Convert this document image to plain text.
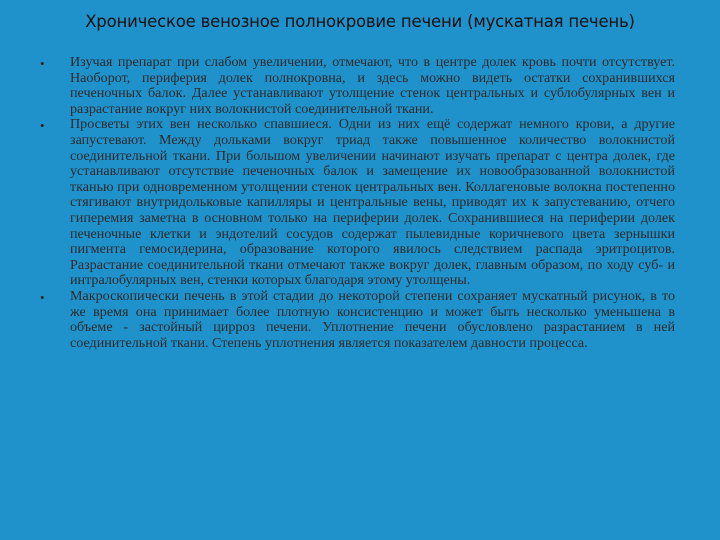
Хроническое венозное полнокровие печени (мускатная печень)
• Изучая препарат при слабом увеличении, отмечают, что в центре долек кровь почти отсутствует. Наоборот, периферия долек полнокровна, и здесь можно видеть остатки сохранившихся печеночных балок. Далее устанавливают утолщение стенок центральных и сублобулярных вен и разрастание вокруг них волокнистой соединительной ткани.

• Просветы этих вен несколько спавшиеся. Одни из них ещё содержат немного крови, а другие запустевают. Между дольками вокруг триад также повышенное количество волокнистой соединительной ткани. При большом увеличении начинают изучать препарат с центра долек, где устанавливают отсутствие печеночных балок и замещение их новообразованной волокнистой тканью при одновременном утолщении стенок центральных вен. Коллагеновые волокна постепенно стягивают внутридольковые капилляры и центральные вены, приводят их к запустеванию, отчего гиперемия заметна в основном только на периферии долек. Сохранившиеся на периферии долек печеночные клетки и эндотелий сосудов содержат пылевидные коричневого цвета зернышки пигмента гемосидерина, образование которого явилось следствием распада эритроцитов. Разрастание соединительной ткани отмечают также вокруг долек, главным образом, по ходу суб- и интралобулярных вен, стенки которых благодаря этому утолщены.

• Макроскопически печень в этой стадии до некоторой степени сохраняет мускатный рисунок, в то же время она принимает более плотную консистенцию и может быть несколько уменьшена в объеме - застойный цирроз печени. Уплотнение печени обусловлено разрастанием в ней соединительной ткани. Степень уплотнения является показателем давности процесса.
